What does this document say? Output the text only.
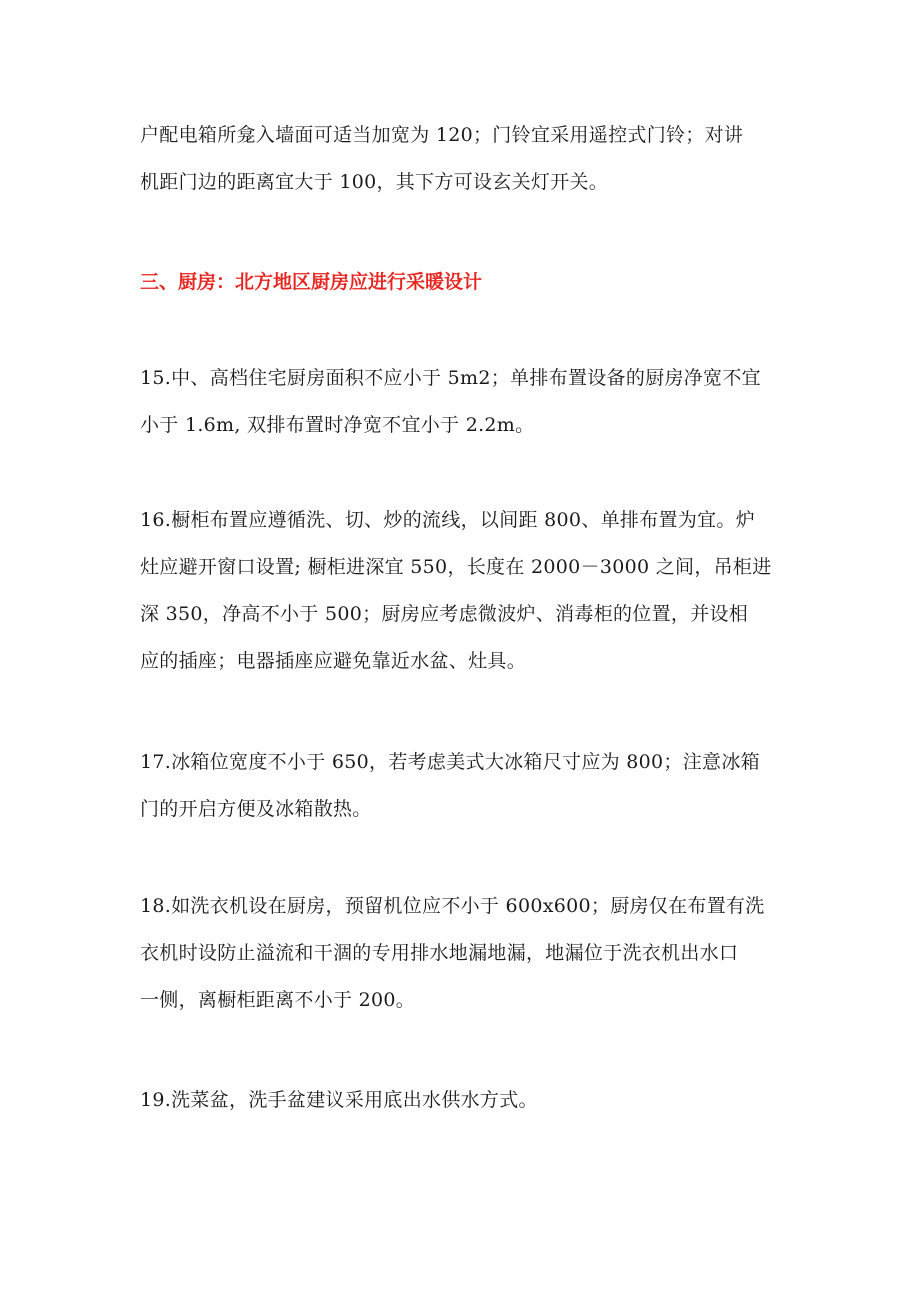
户配电箱所龛入墙面可适当加宽为 120；门铃宜采用遥控式门铃；对讲
机距门边的距离宜大于 100，其下方可设玄关灯开关。

三、厨房：北方地区厨房应进行采暖设计

15.中、高档住宅厨房面积不应小于 5m2；单排布置设备的厨房净宽不宜
小于 1.6m, 双排布置时净宽不宜小于 2.2m。

16.橱柜布置应遵循洗、切、炒的流线，以间距 800、单排布置为宜。炉
灶应避开窗口设置; 橱柜进深宜 550，长度在 2000－3000 之间，吊柜进
深 350，净高不小于 500；厨房应考虑微波炉、消毒柜的位置，并设相
应的插座；电器插座应避免靠近水盆、灶具。

17.冰箱位宽度不小于 650，若考虑美式大冰箱尺寸应为 800；注意冰箱
门的开启方便及冰箱散热。

18.如洗衣机设在厨房，预留机位应不小于 600x600；厨房仅在布置有洗
衣机时设防止溢流和干涸的专用排水地漏地漏，地漏位于洗衣机出水口
一侧，离橱柜距离不小于 200。

19.洗菜盆，洗手盆建议采用底出水供水方式。
